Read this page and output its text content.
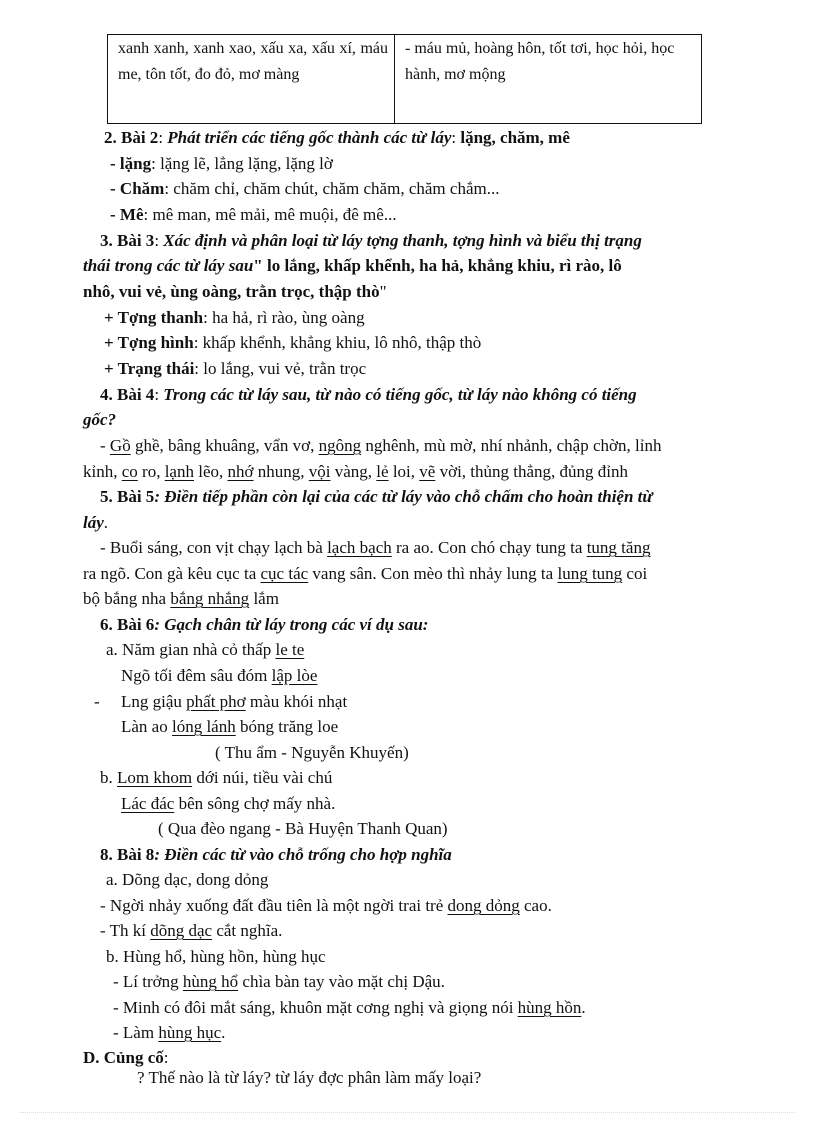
xanh xanh, xanh xao, xấu xa, xấu xí, máu me, tôn tốt, đo đỏ, mơ màng	- máu mủ, hoàng hôn, tốt tơi, học hỏi, học hành, mơ mộng
2. Bài 2: Phát triển các tiếng gốc thành các từ láy: lặng, chăm, mê
- lặng: lặng lẽ, lẳng lặng, lặng lờ
- Chăm: chăm chỉ, chăm chút, chăm chăm, chăm chắm...
- Mê: mê man, mê mải, mê muội, đê mê...
3. Bài 3: Xác định và phân loại từ láy tợng thanh, tợng hình và biểu thị trạng
thái trong các từ láy sau" lo lắng, khấp khểnh, ha hả, khẳng khiu, rì rào, lô
nhô, vui vẻ, ùng oàng, trằn trọc, thập thò"
+ Tợng thanh: ha hả, rì rào, ùng oàng
+ Tợng hình: khấp khểnh, khẳng khiu, lô nhô, thập thò
+ Trạng thái: lo lắng, vui vẻ, trằn trọc
4. Bài 4: Trong các từ láy sau, từ nào có tiếng gốc, từ láy nào không có tiếng
gốc?
- Gồ ghề, bâng khuâng, vẩn vơ, ngông nghênh, mù mờ, nhí nhảnh, chập chờn, lỉnh
kỉnh, co ro, lạnh lẽo, nhớ nhung, vội vàng, lẻ loi, vẽ vời, thủng thẳng, đủng đỉnh
5. Bài 5: Điền tiếp phần còn lại của các từ láy vào chỗ chấm cho hoàn thiện từ
láy.
- Buổi sáng, con vịt chạy lạch bà lạch bạch ra ao. Con chó chạy tung ta tung tăng
ra ngõ. Con gà kêu cục ta cục tác vang sân. Con mèo thì nhảy lung ta lung tung coi
bộ bắng nha bắng nhắng lắm
6. Bài 6: Gạch chân từ láy trong các ví dụ sau:
a. Năm gian nhà cỏ thấp le te
Ngõ tối đêm sâu đóm lập lòe
- Lng giậu phất phơ màu khói nhạt
Làn ao lóng lánh bóng trăng loe
( Thu ẩm - Nguyễn Khuyến)
b. Lom khom dới núi, tiều vài chú
Lác đác bên sông chợ mấy nhà.
( Qua đèo ngang - Bà Huyện Thanh Quan)
8. Bài 8: Điền các từ vào chỗ trống cho hợp nghĩa
a. Dõng dạc, dong dỏng
- Ngời nhảy xuống đất đầu tiên là một ngời trai trẻ dong dỏng cao.
- Th kí dõng dạc cắt nghĩa.
b. Hùng hổ, hùng hồn, hùng hục
- Lí trởng hùng hổ chìa bàn tay vào mặt chị Dậu.
- Minh có đôi mắt sáng, khuôn mặt cơng nghị và giọng nói hùng hồn.
- Làm hùng hục.
D. Củng cố:
? Thế nào là từ láy? từ láy đợc phân làm mấy loại?
